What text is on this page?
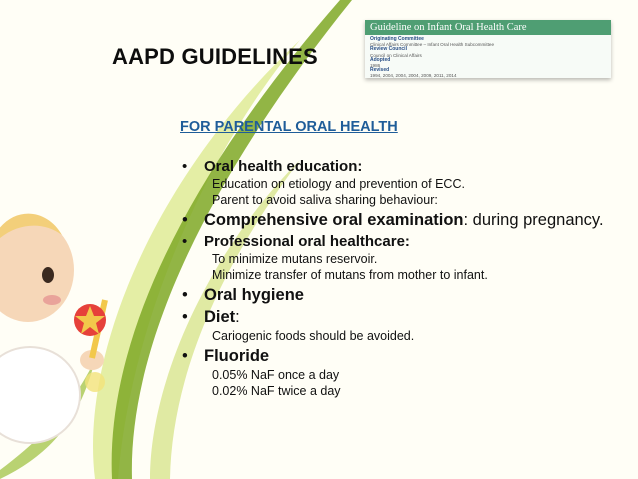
Guideline on Infant Oral Health Care
Originating Committee
Clinical Affairs Committee – Infant Oral Health Subcommittee
Review Council
Council on Clinical Affairs
Adopted
1986
Revised
1994, 2004, 2004, 2004, 2009, 2011, 2014
AAPD GUIDELINES
FOR PARENTAL ORAL HEALTH
•	Oral health education:
Education on etiology and prevention of ECC.
Parent to avoid saliva sharing behaviour:
• Comprehensive oral examination: during pregnancy.
•	Professional oral healthcare:
To minimize mutans reservoir.
Minimize transfer of mutans from mother to infant.
• Oral hygiene
• Diet:
Cariogenic foods should be avoided.
• Fluoride
0.05% NaF once a day
0.02% NaF twice a day
